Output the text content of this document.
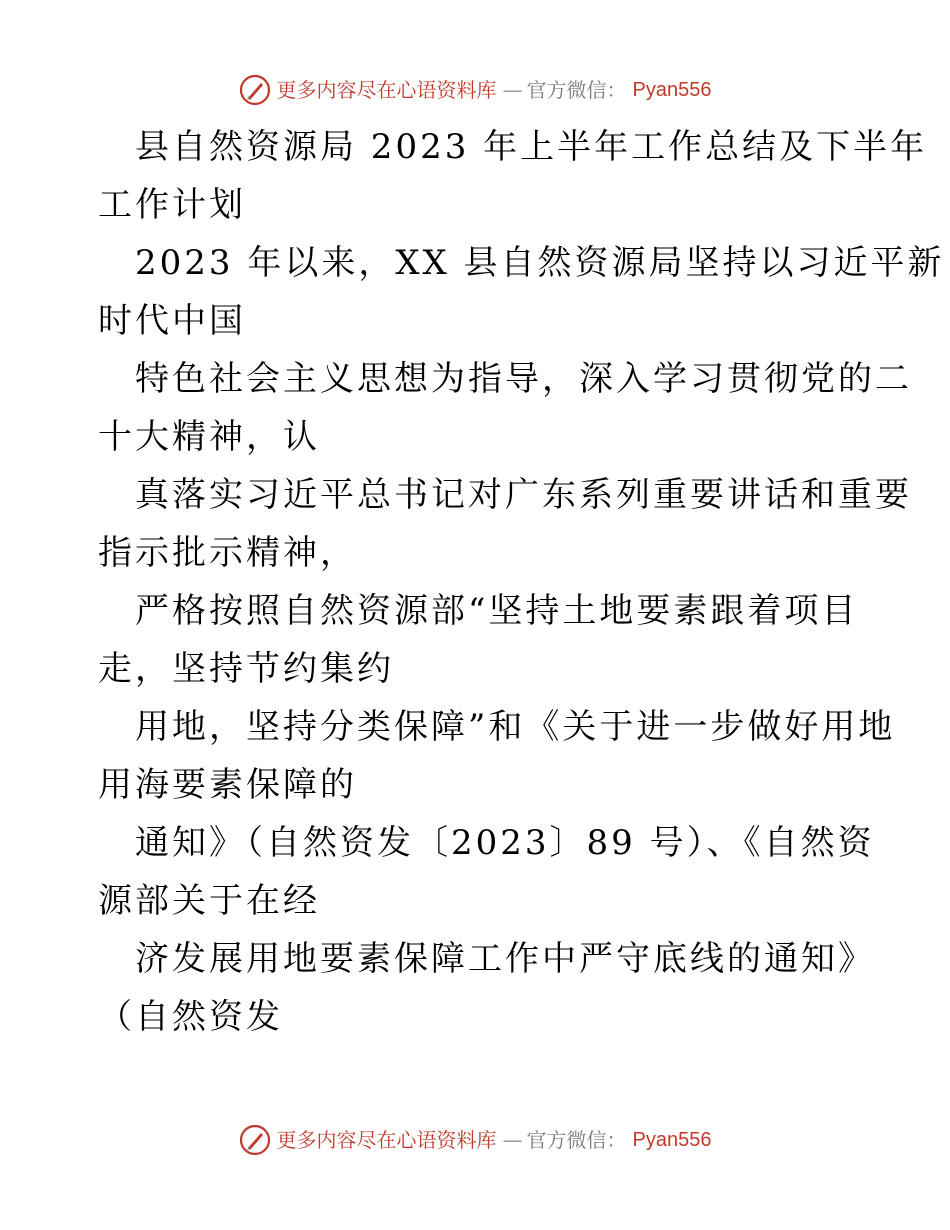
更多内容尽在心语资料库 — 官方微信： Pyan556
县自然资源局 2023 年上半年工作总结及下半年
工作计划
2023 年以来，XX 县自然资源局坚持以习近平新
时代中国
特色社会主义思想为指导，深入学习贯彻党的二
十大精神，认
真落实习近平总书记对广东系列重要讲话和重要
指示批示精神，
严格按照自然资源部“坚持土地要素跟着项目
走，坚持节约集约
用地，坚持分类保障”和《关于进一步做好用地
用海要素保障的
通知》（自然资发〔2023〕89 号）、《自然资
源部关于在经
济发展用地要素保障工作中严守底线的通知》
（自然资发
更多内容尽在心语资料库 — 官方微信： Pyan556
